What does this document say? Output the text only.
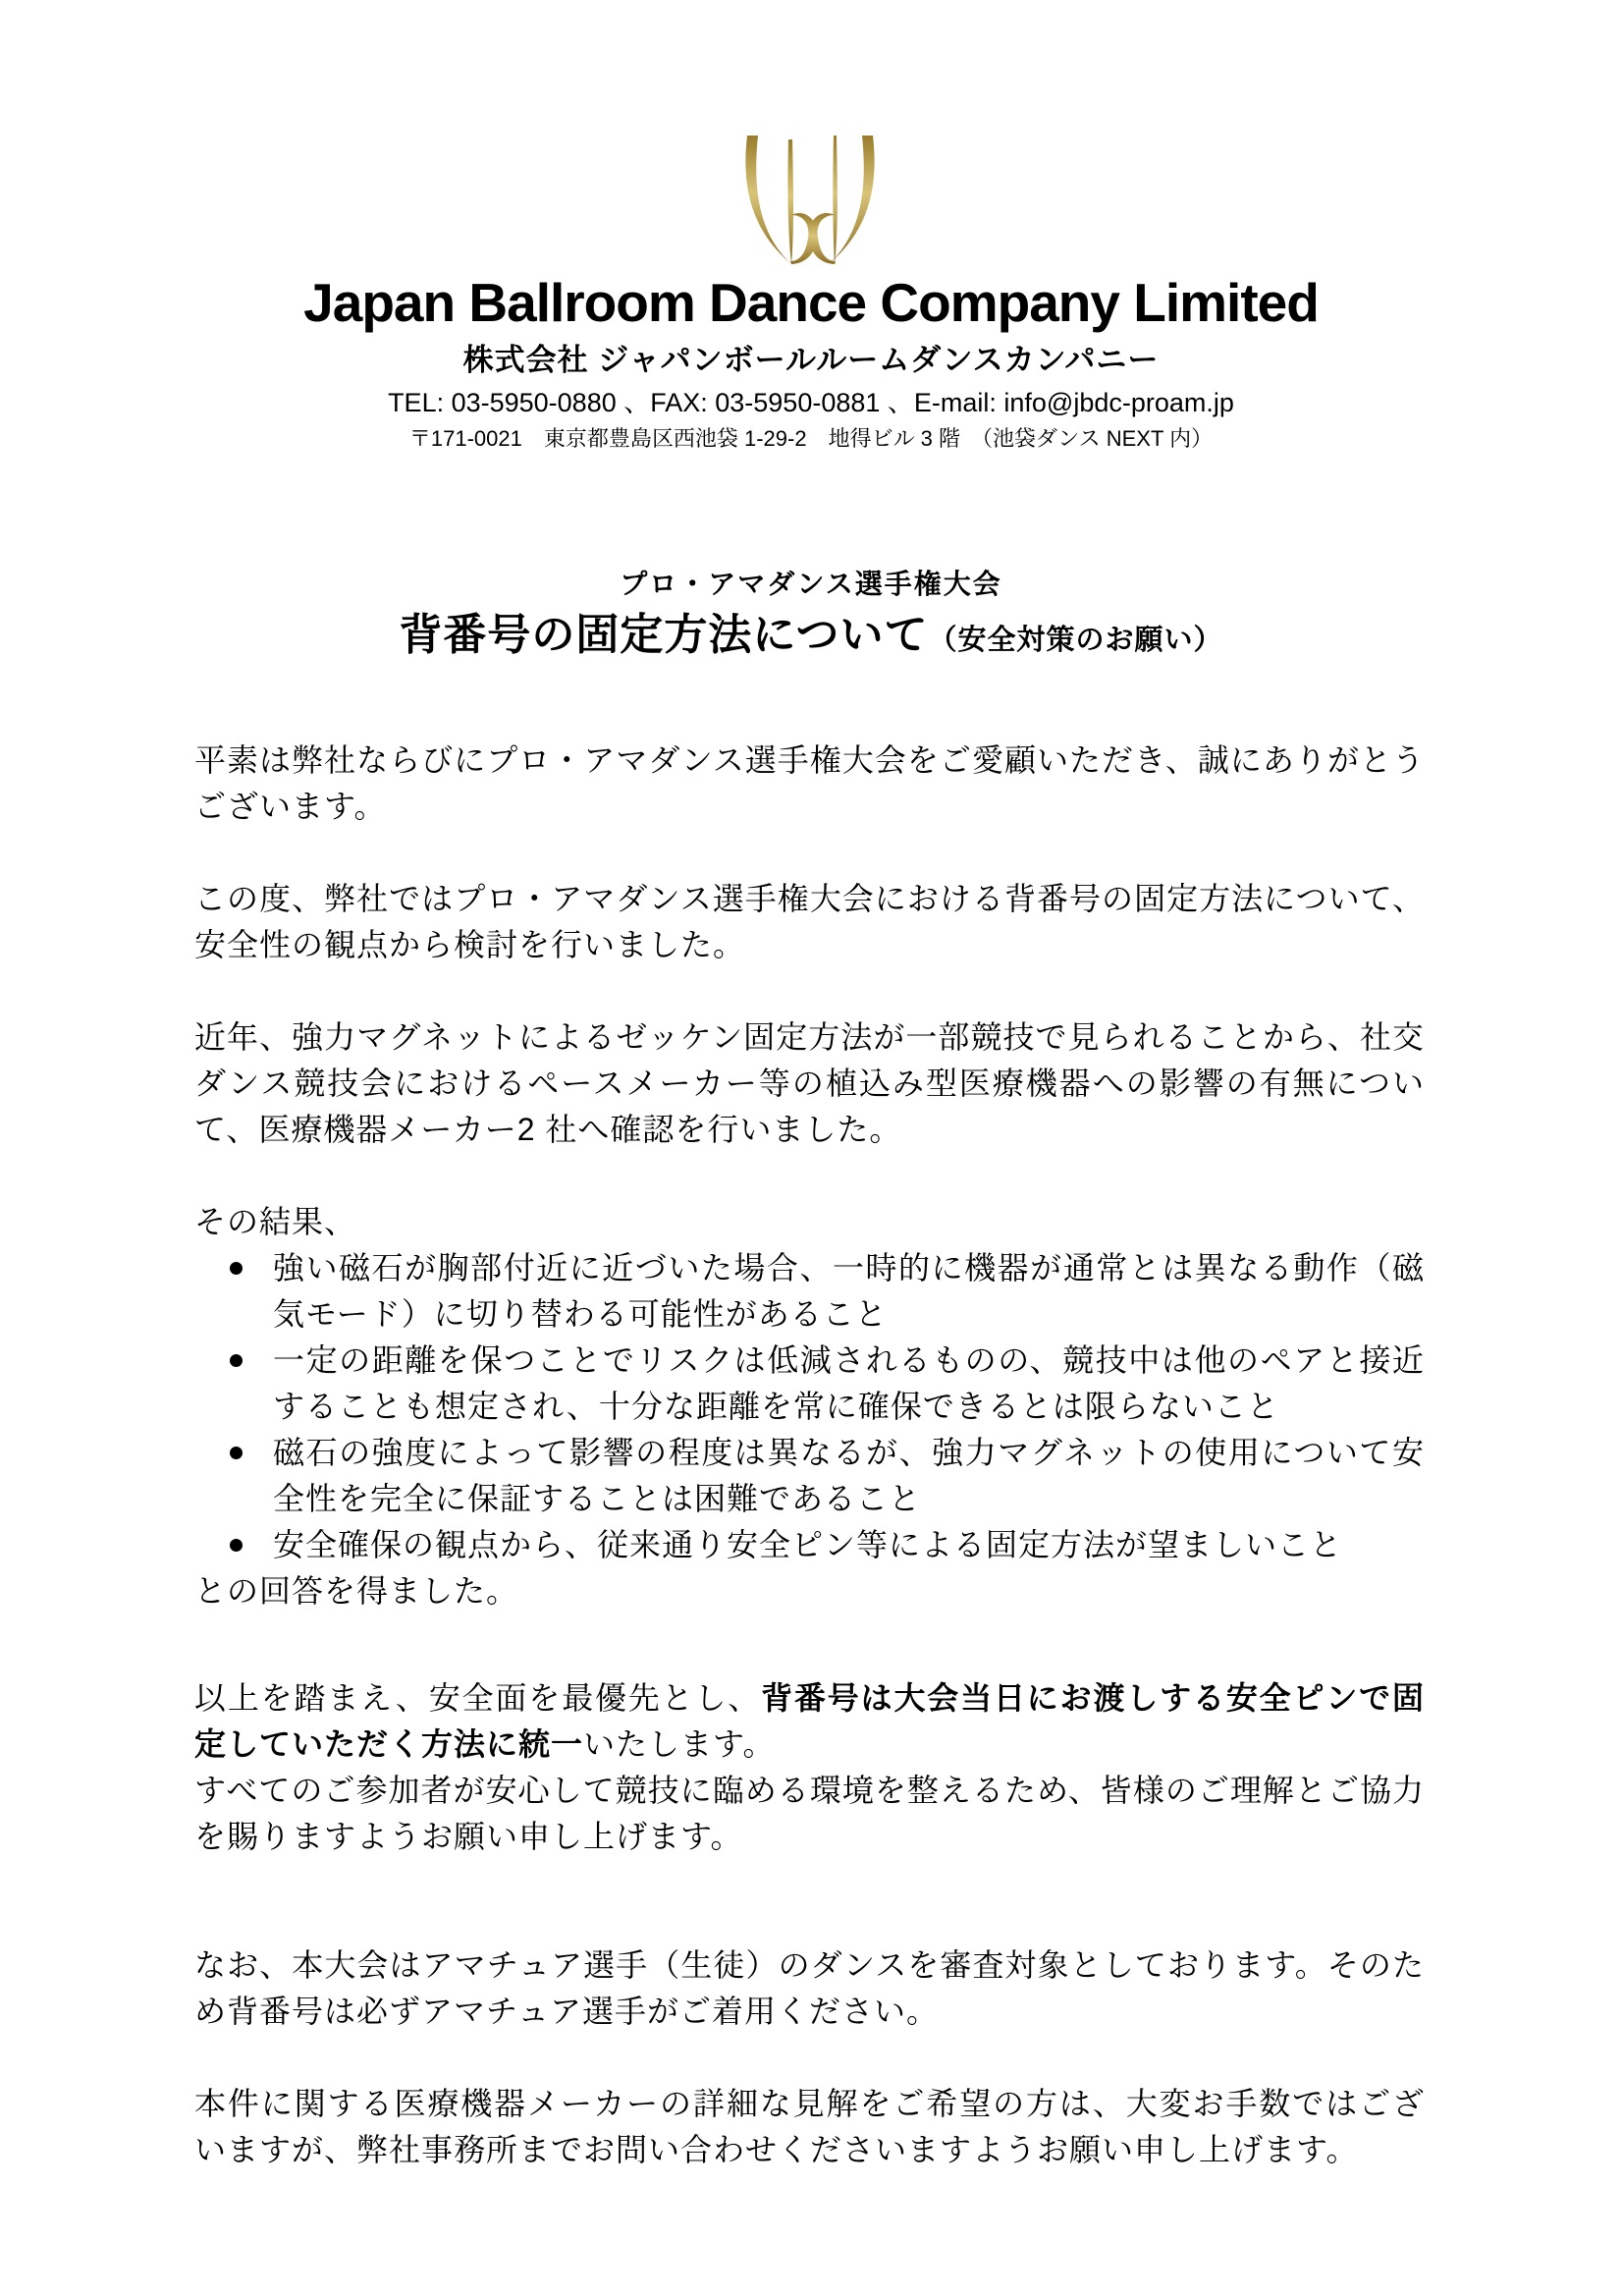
Japan Ballroom Dance Company Limited
株式会社 ジャパンボールルームダンスカンパニー
TEL: 03-5950-0880 、FAX: 03-5950-0881 、E-mail: info@jbdc-proam.jp
〒171-0021　東京都豊島区西池袋 1-29-2　地得ビル 3 階　（池袋ダンス NEXT 内）
プロ・アマダンス選手権大会
背番号の固定方法について（安全対策のお願い）

平素は弊社ならびにプロ・アマダンス選手権大会をご愛顧いただき、誠にありがとうございます。

この度、弊社ではプロ・アマダンス選手権大会における背番号の固定方法について、安全性の観点から検討を行いました。

近年、強力マグネットによるゼッケン固定方法が一部競技で見られることから、社交ダンス競技会におけるペースメーカー等の植込み型医療機器への影響の有無について、医療機器メーカー2 社へ確認を行いました。

その結果、

強い磁石が胸部付近に近づいた場合、一時的に機器が通常とは異なる動作（磁気モード）に切り替わる可能性があること
一定の距離を保つことでリスクは低減されるものの、競技中は他のペアと接近することも想定され、十分な距離を常に確保できるとは限らないこと
磁石の強度によって影響の程度は異なるが、強力マグネットの使用について安全性を完全に保証することは困難であること
安全確保の観点から、従来通り安全ピン等による固定方法が望ましいこと

との回答を得ました。

以上を踏まえ、安全面を最優先とし、背番号は大会当日にお渡しする安全ピンで固定していただく方法に統一いたします。

すべてのご参加者が安心して競技に臨める環境を整えるため、皆様のご理解とご協力を賜りますようお願い申し上げます。

なお、本大会はアマチュア選手（生徒）のダンスを審査対象としております。そのため背番号は必ずアマチュア選手がご着用ください。

本件に関する医療機器メーカーの詳細な見解をご希望の方は、大変お手数ではございますが、弊社事務所までお問い合わせくださいますようお願い申し上げます。
